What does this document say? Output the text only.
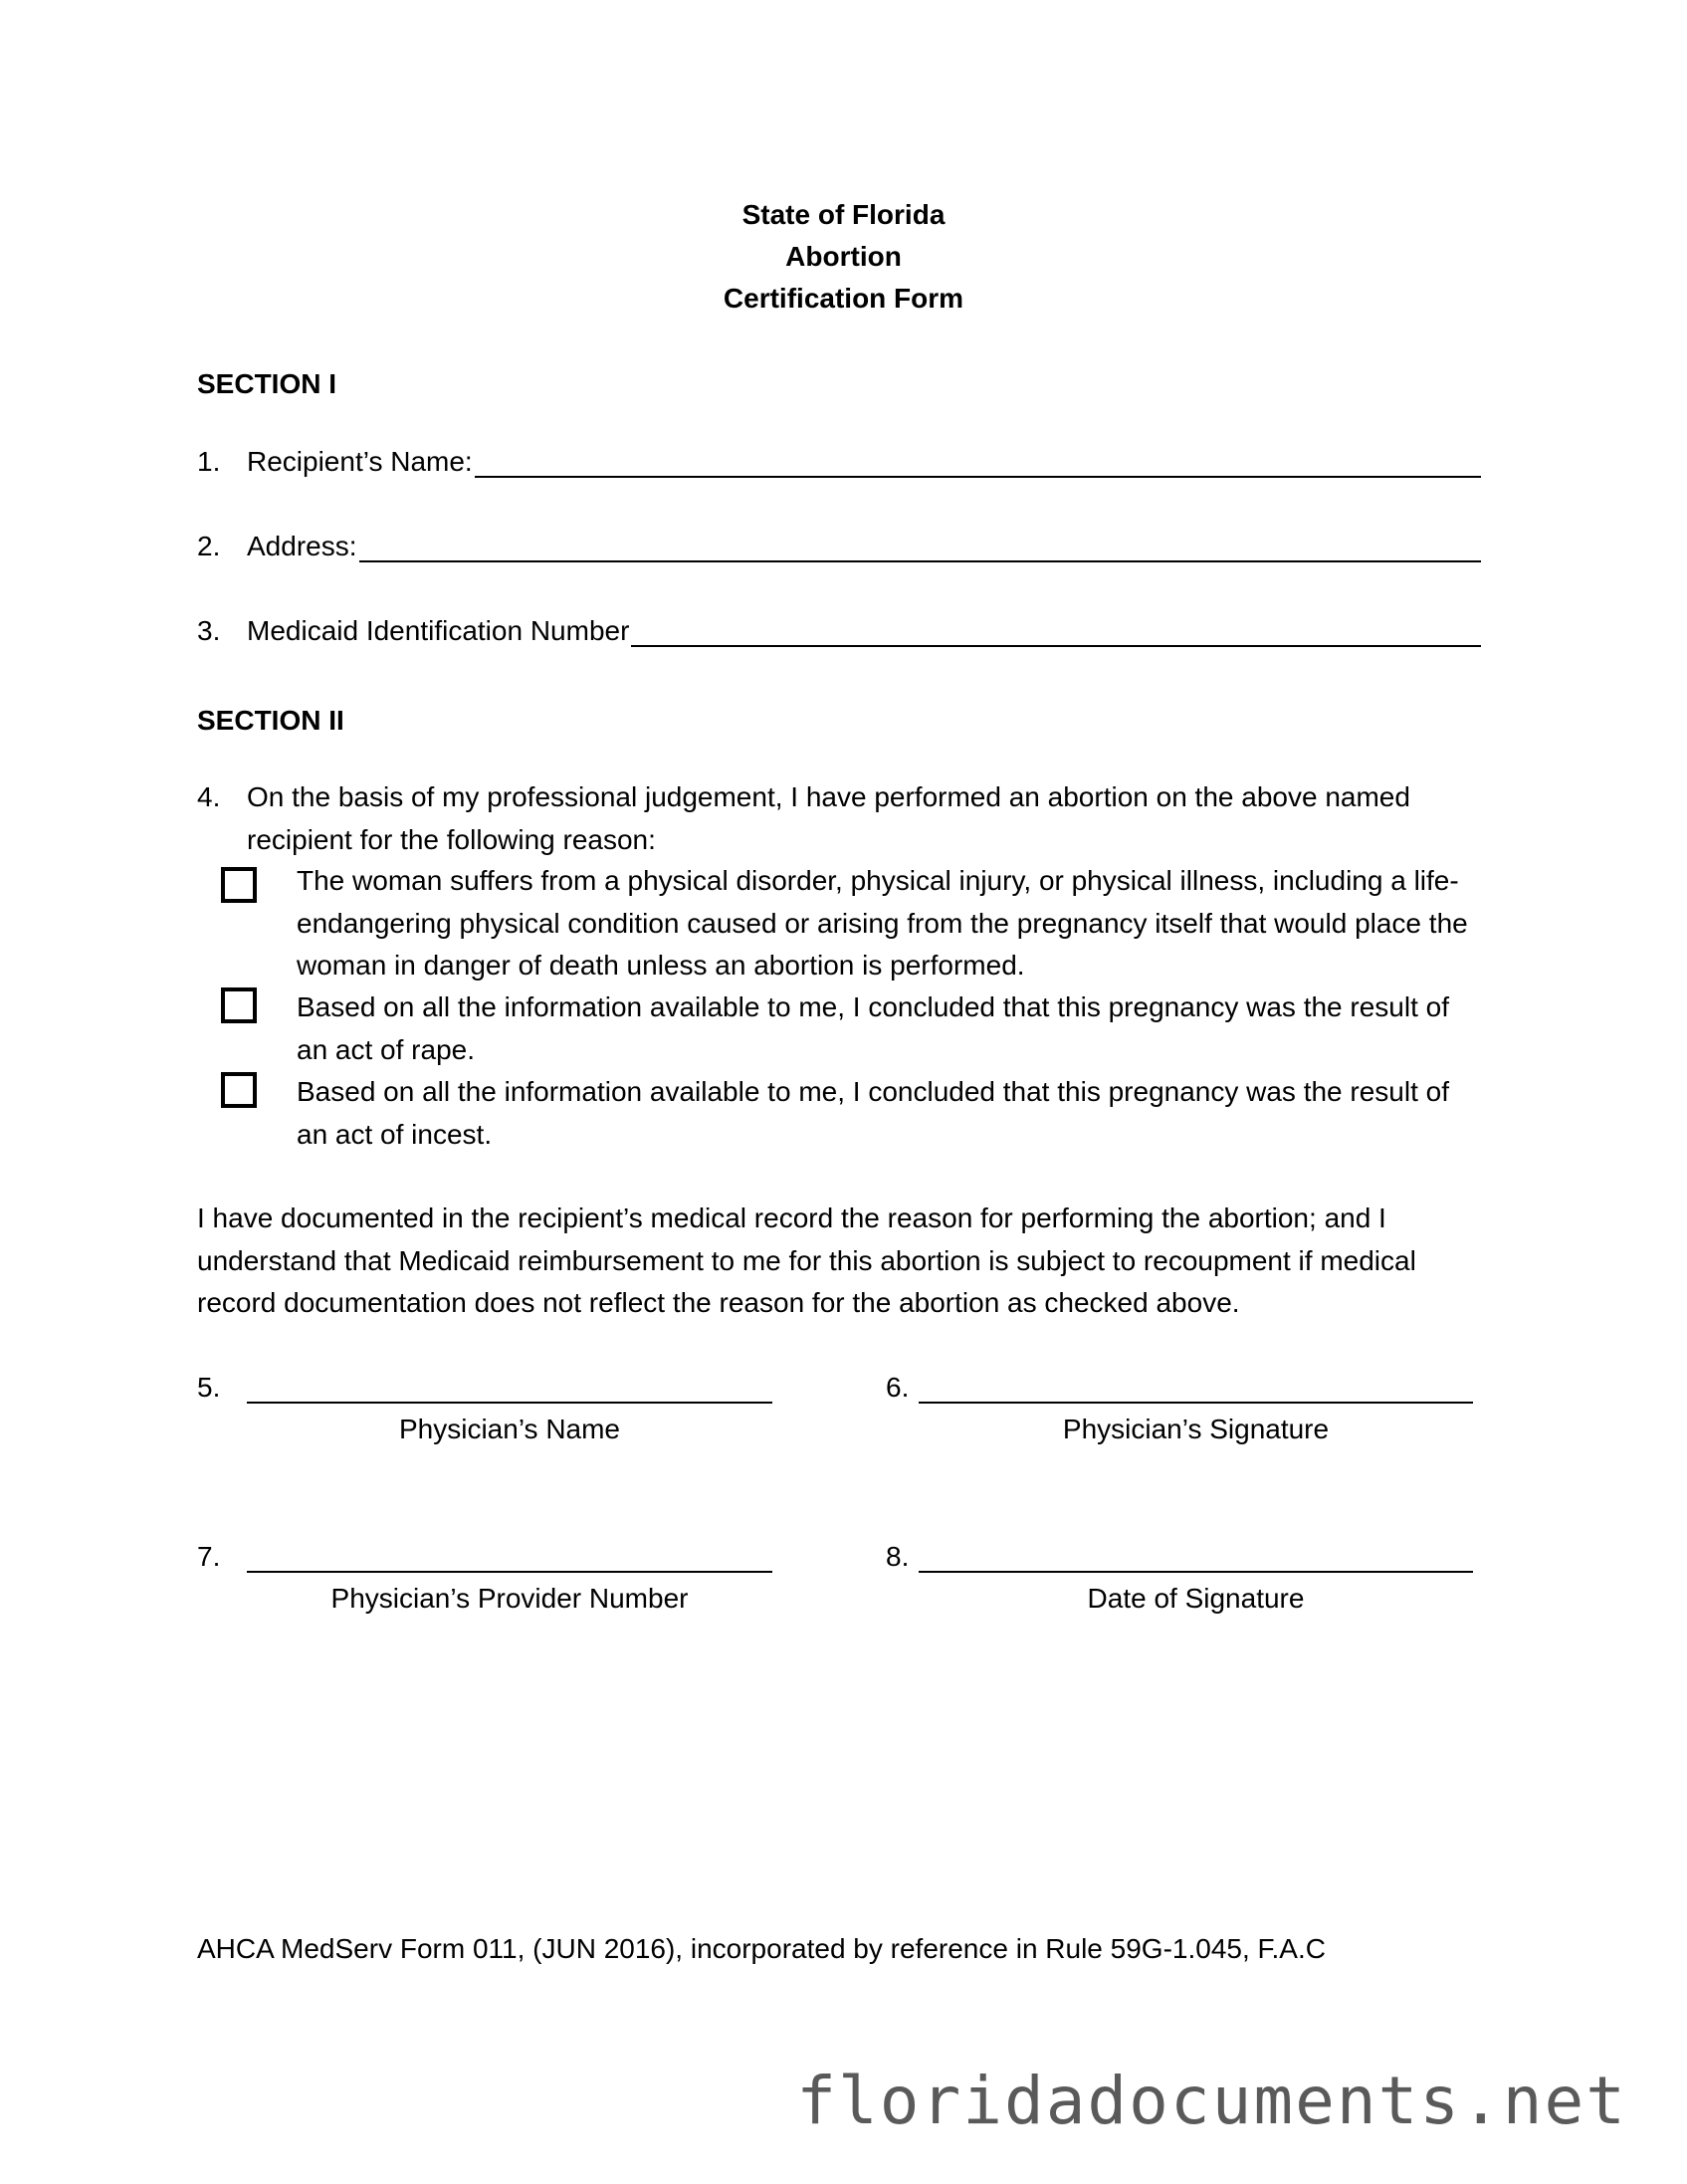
State of Florida
Abortion
Certification Form
SECTION I
1. Recipient’s Name:
2. Address:
3. Medicaid Identification Number
SECTION II
4. On the basis of my professional judgement, I have performed an abortion on the above named recipient for the following reason:
The woman suffers from a physical disorder, physical injury, or physical illness, including a life-endangering physical condition caused or arising from the pregnancy itself that would place the woman in danger of death unless an abortion is performed.
Based on all the information available to me, I concluded that this pregnancy was the result of an act of rape.
Based on all the information available to me, I concluded that this pregnancy was the result of an act of incest.
I have documented in the recipient’s medical record the reason for performing the abortion; and I understand that Medicaid reimbursement to me for this abortion is subject to recoupment if medical record documentation does not reflect the reason for the abortion as checked above.
5.
Physician’s Name
6.
Physician’s Signature
7.
Physician’s Provider Number
8.
Date of Signature
AHCA MedServ Form 011, (JUN 2016), incorporated by reference in Rule 59G-1.045, F.A.C
floridadocuments.net
